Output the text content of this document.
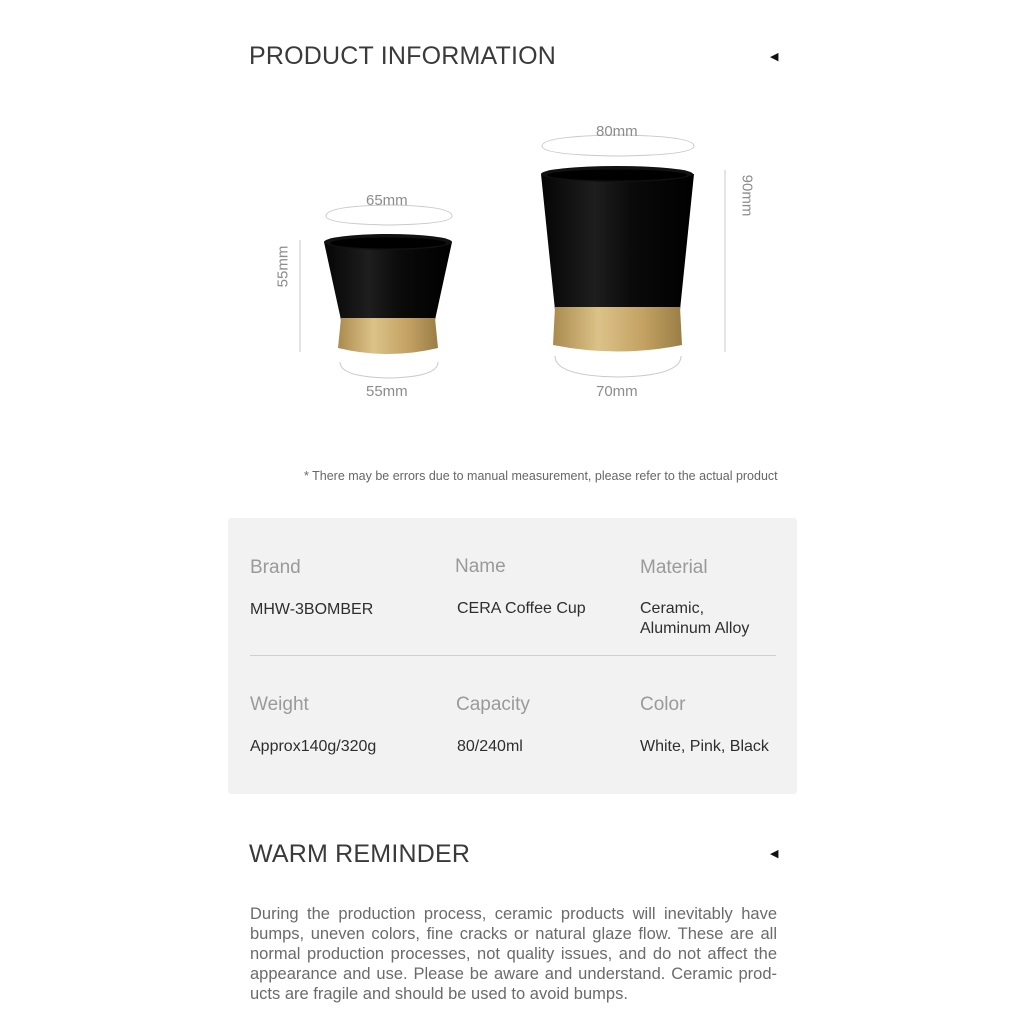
PRODUCT INFORMATION	◀
65mm
55mm
55mm
80mm
90mm
70mm
* There may be errors due to manual measurement, please refer to the actual product
Brand
MHW-3BOMBER
Name
CERA Coffee Cup
Material
Ceramic,
Aluminum Alloy
Weight
Approx140g/320g
Capacity
80/240ml
Color
White, Pink, Black
WARM REMINDER	◀
During the production process, ceramic products will inevitably have
bumps, uneven colors, fine cracks or natural glaze flow. These are all
normal production processes, not quality issues, and do not affect the
appearance and use. Please be aware and understand. Ceramic prod-
ucts are fragile and should be used to avoid bumps.
